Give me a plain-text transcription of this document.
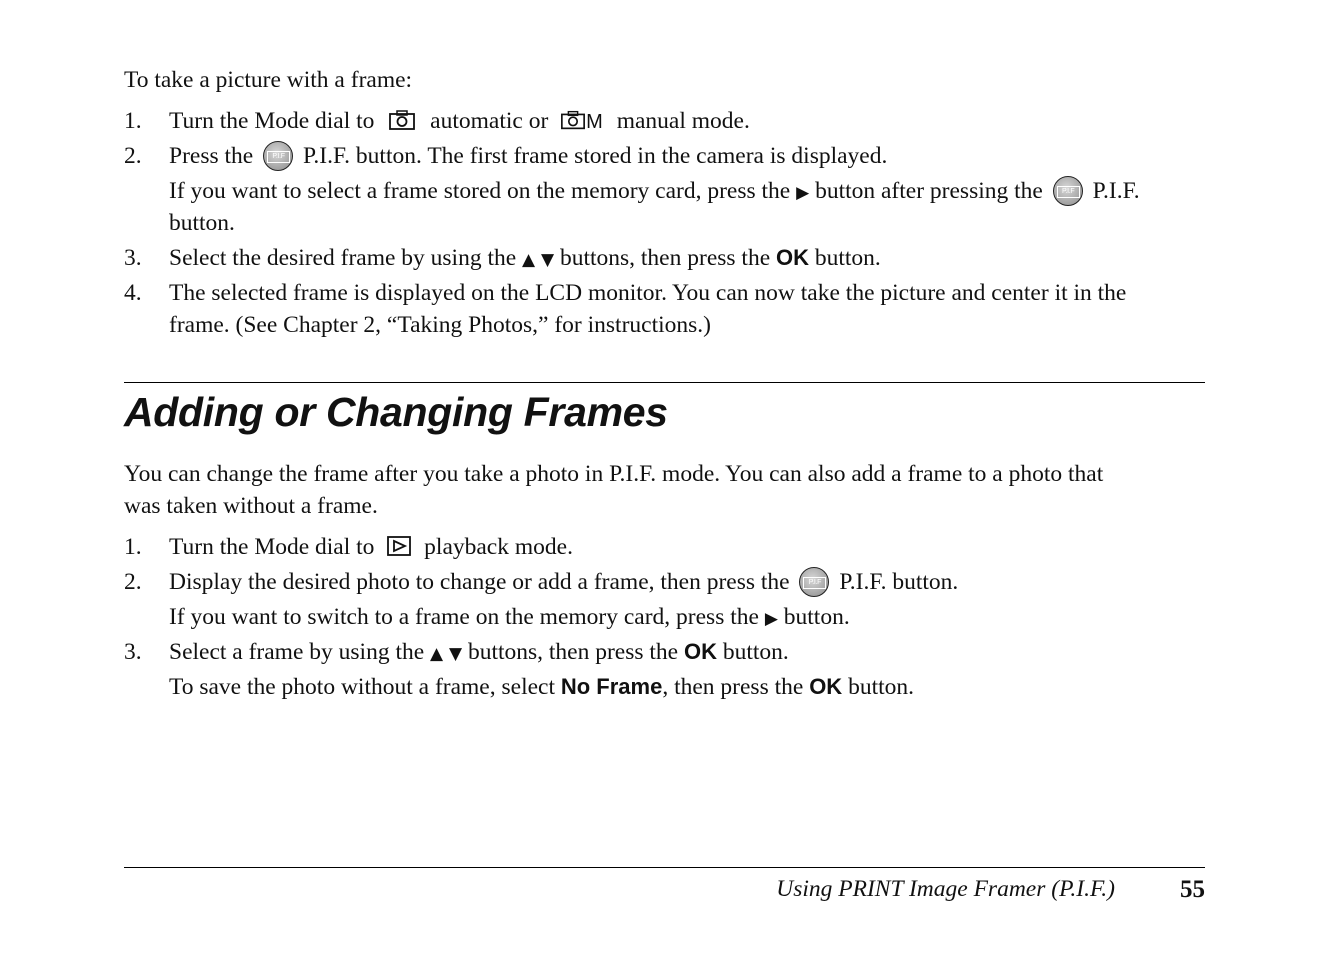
To take a picture with a frame:
1. Turn the Mode dial to automatic or M manual mode.
2. Press the	P.I.F P.I.F. button. The first frame stored in the camera is displayed.
If you want to select a frame stored on the memory card, press the ▶ button after pressing the	P.I.F P.I.F.
button.
3. Select the desired frame by using the ▲ ▼ buttons, then press the OK button.
4. The selected frame is displayed on the LCD monitor. You can now take the picture and center it in the
frame. (See Chapter 2, “Taking Photos,” for instructions.)
Adding or Changing Frames
You can change the frame after you take a photo in P.I.F. mode. You can also add a frame to a photo that
was taken without a frame.
1. Turn the Mode dial to playback mode.
2. Display the desired photo to change or add a frame, then press the	P.I.F P.I.F. button.
If you want to switch to a frame on the memory card, press the ▶ button.
3. Select a frame by using the ▲ ▼ buttons, then press the OK button.
To save the photo without a frame, select No Frame, then press the OK button.
Using PRINT Image Framer (P.I.F.)	55
